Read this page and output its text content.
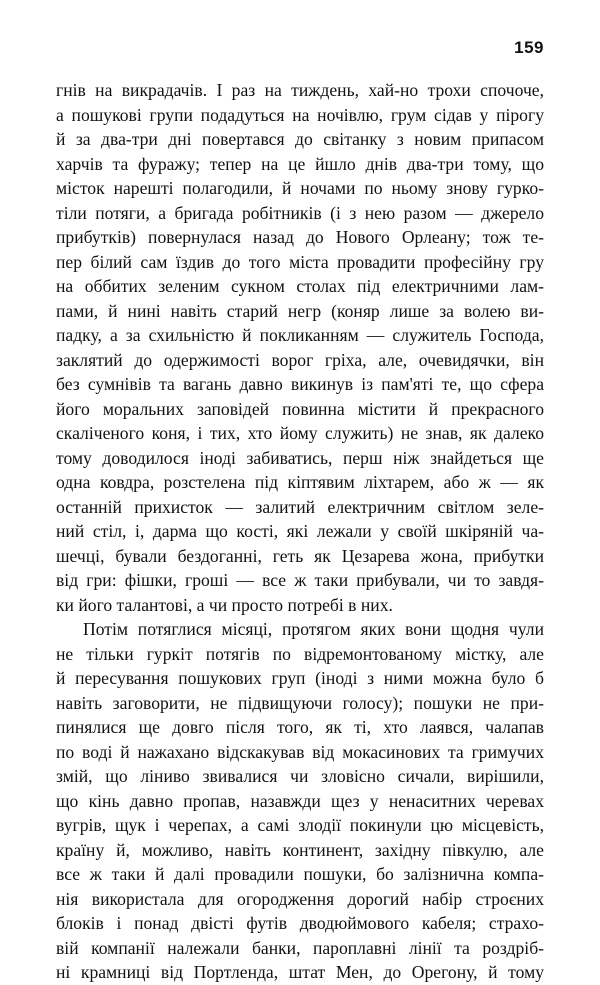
159
гнів на викрадачів. І раз на тиждень, хай-но трохи спочоче,
а пошукові групи подадуться на ночівлю, грум сідав у пірогу
й за два-три дні повертався до світанку з новим припасом
харчів та фуражу; тепер на це йшло днів два-три тому, що
місток нарешті полагодили, й ночами по ньому знову гурко-
тіли потяги, а бригада робітників (і з нею разом — джерело
прибутків) повернулася назад до Нового Орлеану; тож те-
пер білий сам їздив до того міста провадити професійну гру
на оббитих зеленим сукном столах під електричними лам-
пами, й нині навіть старий негр (коняр лише за волею ви-
падку, а за схильністю й покликанням — служитель Господа,
заклятий до одержимості ворог гріха, але, очевидячки, він
без сумнівів та вагань давно викинув із пам'яті те, що сфера
його моральних заповідей повинна містити й прекрасного
скаліченого коня, і тих, хто йому служить) не знав, як далеко
тому доводилося іноді забиватись, перш ніж знайдеться ще
одна ковдра, розстелена під кіптявим ліхтарем, або ж — як
останній прихисток — залитий електричним світлом зеле-
ний стіл, і, дарма що кості, які лежали у своїй шкіряній ча-
шечці, бували бездоганні, геть як Цезарева жона, прибутки
від гри: фішки, гроші — все ж таки прибували, чи то завдя-
ки його талантові, а чи просто потребі в них.
Потім потяглися місяці, протягом яких вони щодня чули
не тільки гуркіт потягів по відремонтованому містку, але
й пересування пошукових груп (іноді з ними можна було б
навіть заговорити, не підвищуючи голосу); пошуки не при-
пинялися ще довго після того, як ті, хто лаявся, чалапав
по воді й нажахано відскакував від мокасинових та гримучих
змій, що ліниво звивалися чи зловісно сичали, вирішили,
що кінь давно пропав, назавжди щез у ненаситних черевах
вугрів, щук і черепах, а самі злодії покинули цю місцевість,
країну й, можливо, навіть континент, західну півкулю, але
все ж таки й далі провадили пошуки, бо залізнична компа-
нія використала для огородження дорогий набір строєних
блоків і понад двісті футів дводюймового кабеля; страхо-
вій компанії належали банки, пароплавні лінії та роздріб-
ні крамниці від Портленда, штат Мен, до Орегону, й тому
